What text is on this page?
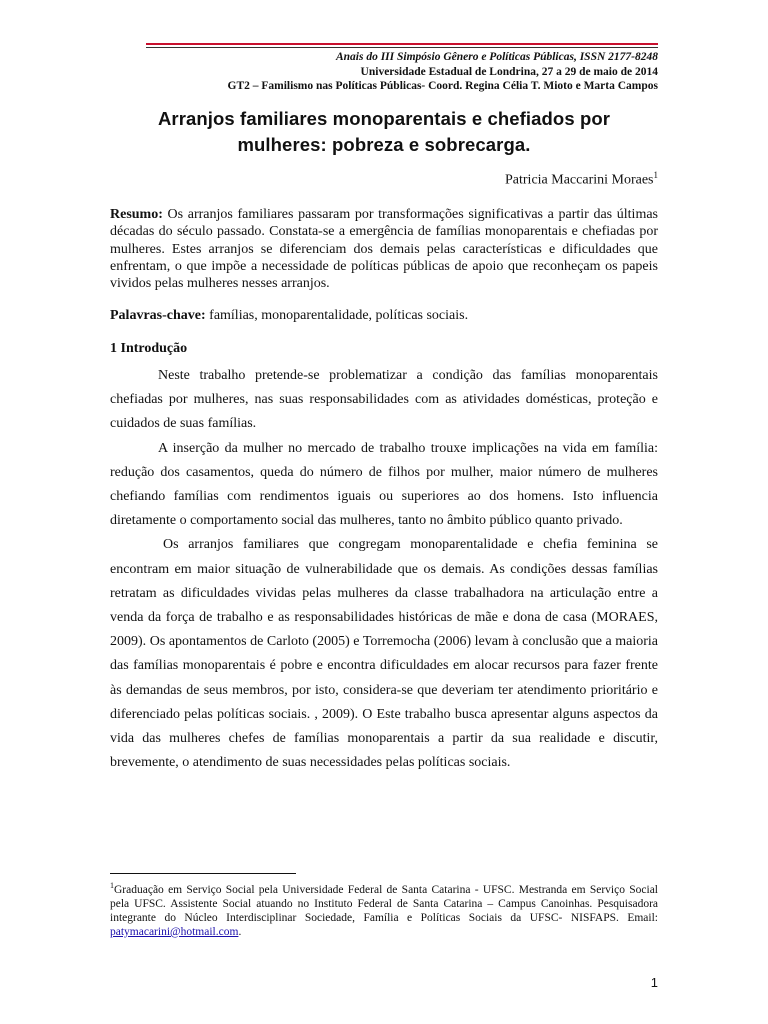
Anais do III Simpósio Gênero e Políticas Públicas, ISSN 2177-8248
Universidade Estadual de Londrina, 27 a 29 de maio de 2014
GT2 – Familismo nas Políticas Públicas- Coord. Regina Célia T. Mioto e Marta Campos
Arranjos familiares monoparentais e chefiados por
mulheres: pobreza e sobrecarga.
Patricia Maccarini Moraes$^1$
Resumo: Os arranjos familiares passaram por transformações significativas a partir das últimas décadas do século passado. Constata-se a emergência de famílias monoparentais e chefiadas por mulheres. Estes arranjos se diferenciam dos demais pelas características e dificuldades que enfrentam, o que impõe a necessidade de políticas públicas de apoio que reconheçam os papeis vividos pelas mulheres nesses arranjos.
Palavras-chave: famílias, monoparentalidade, políticas sociais.
1 Introdução

Neste trabalho pretende-se problematizar a condição das famílias monoparentais chefiadas por mulheres, nas suas responsabilidades com as atividades domésticas, proteção e cuidados de suas famílias.

A inserção da mulher no mercado de trabalho trouxe implicações na vida em família: redução dos casamentos, queda do número de filhos por mulher, maior número de mulheres chefiando famílias com rendimentos iguais ou superiores ao dos homens. Isto influencia diretamente o comportamento social das mulheres, tanto no âmbito público quanto privado.

Os arranjos familiares que congregam monoparentalidade e chefia feminina se encontram em maior situação de vulnerabilidade que os demais. As condições dessas famílias retratam as dificuldades vividas pelas mulheres da classe trabalhadora na articulação entre a venda da força de trabalho e as responsabilidades históricas de mãe e dona de casa (MORAES, 2009). Os apontamentos de Carloto (2005) e Torremocha (2006) levam à conclusão que a maioria das famílias monoparentais é pobre e encontra dificuldades em alocar recursos para fazer frente às demandas de seus membros, por isto, considera-se que deveriam ter atendimento prioritário e diferenciado pelas políticas sociais. , 2009). O Este trabalho busca apresentar alguns aspectos da vida das mulheres chefes de famílias monoparentais a partir da sua realidade e discutir, brevemente, o atendimento de suas necessidades pelas políticas sociais.

$^1$Graduação em Serviço Social pela Universidade Federal de Santa Catarina - UFSC. Mestranda em Serviço Social pela UFSC. Assistente Social atuando no Instituto Federal de Santa Catarina – Campus Canoinhas. Pesquisadora integrante do Núcleo Interdisciplinar Sociedade, Família e Políticas Sociais da UFSC- NISFAPS. Email: patymacarini@hotmail.com.
1
